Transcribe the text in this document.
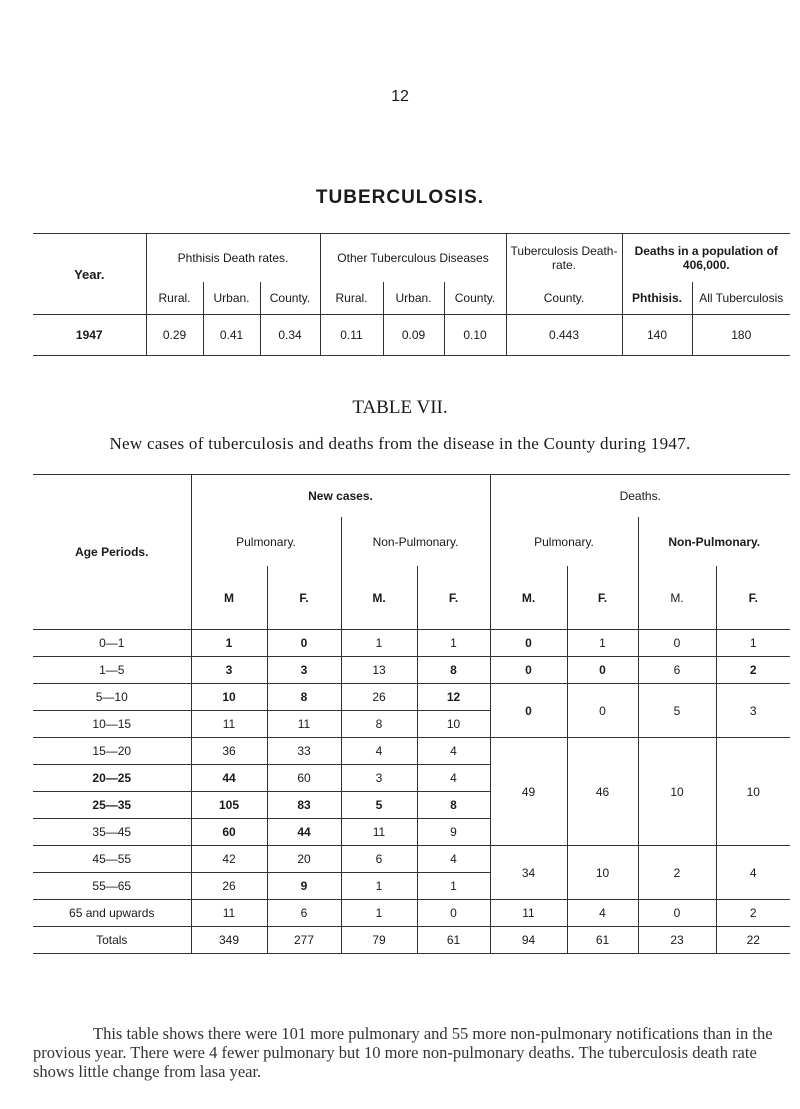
12
TUBERCULOSIS.
Year.	Phthisis Death rates.			Other Tuberculous Diseases			Tuberculosis Death-rate.	Deaths in a population of 406,000.	
	Rural.	Urban.	County.	Rural.	Urban.	County.	County.	Phthisis.	All Tuberculosis
1947	0.29	0.41	0.34	0.11	0.09	0.10	0.443	140	180
TABLE VII.
New cases of tuberculosis and deaths from the disease in the County during 1947.
Age Periods.	New cases.				Deaths.			
	Pulmonary.		Non-Pulmonary.		Pulmonary.		Non-Pulmonary.	
	M	F.	M.	F.	M.	F.	M.	F.
0—1	1	0	1	1	0	1	0	1
1—5	3	3	13	8	0	0	6	2
5—10	10	8	26	12	0	0	5	3
10—15	11	11	8	10				
15—20	36	33	4	4	49	46	10	10
20—25	44	60	3	4				
25—35	105	83	5	8				
35—45	60	44	11	9				
45—55	42	20	6	4	34	10	2	4
55—65	26	9	1	1				
65 and upwards	11	6	1	0	11	4	0	2
Totals	349	277	79	61	94	61	23	22
This table shows there were 101 more pulmonary and 55 more non-pulmonary notifications than in the provious year. There were 4 fewer pulmonary but 10 more non-pulmonary deaths. The tuberculosis death rate shows little change from lasa year.
